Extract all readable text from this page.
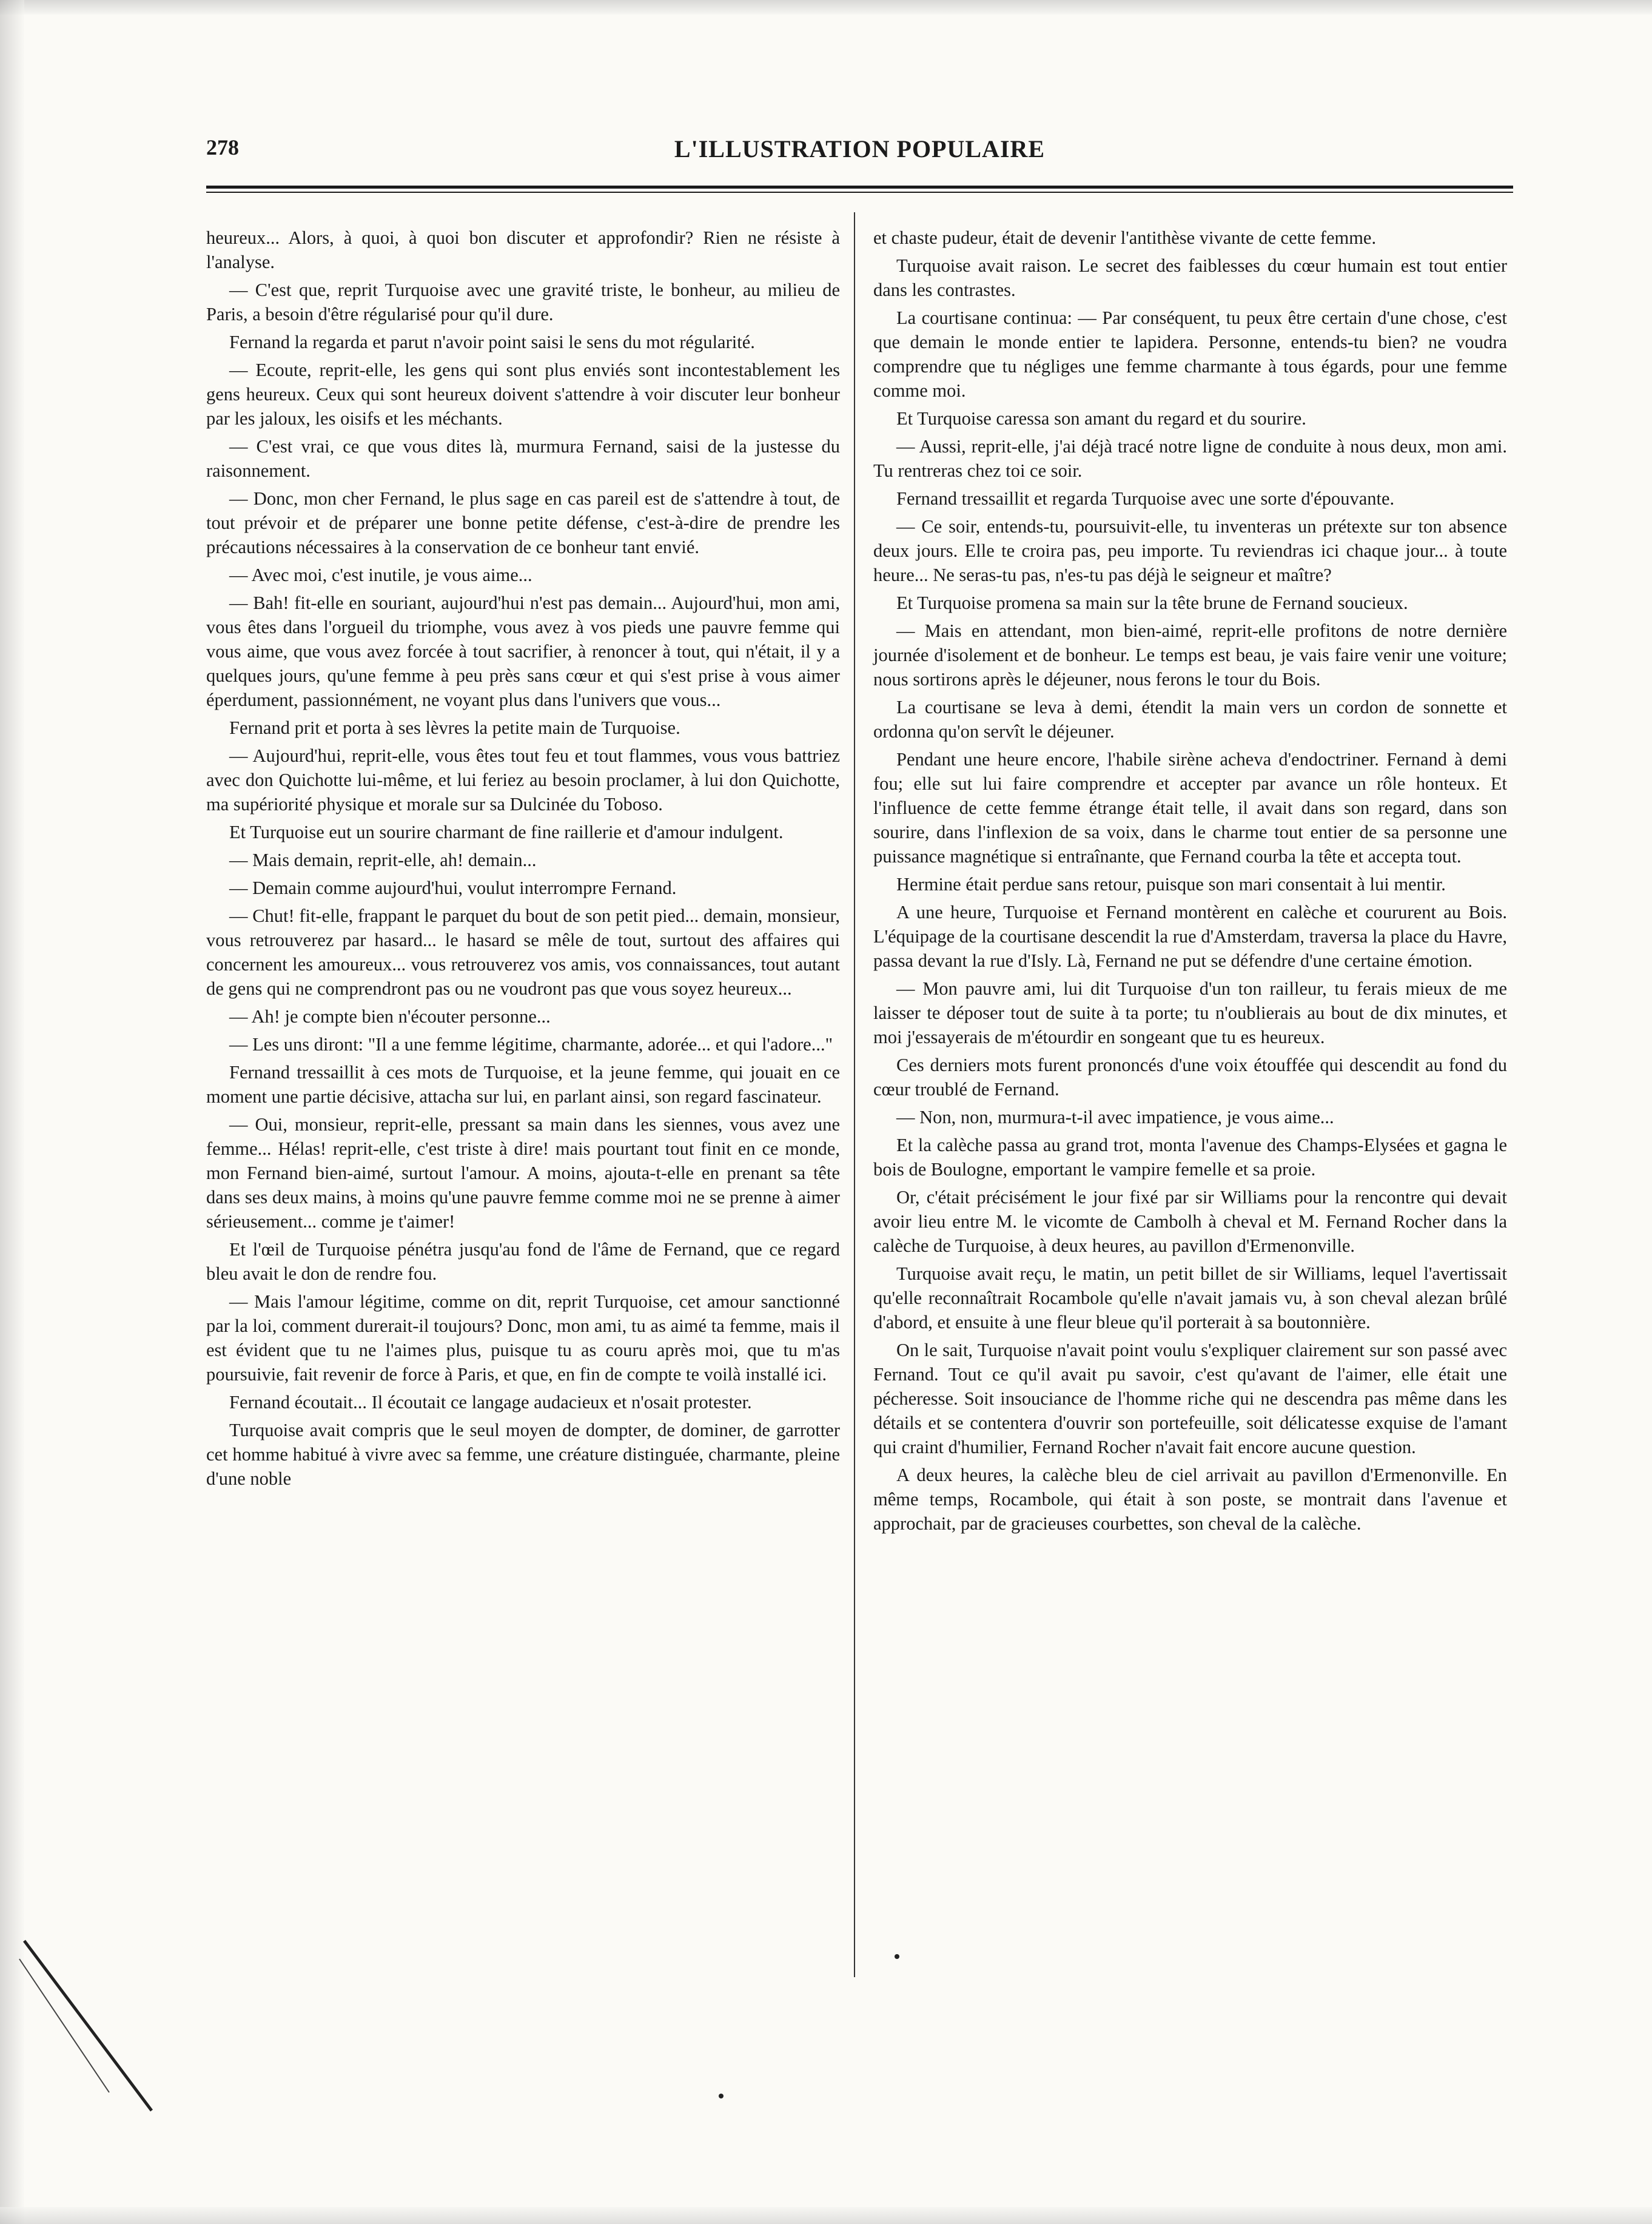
278	L'ILLUSTRATION POPULAIRE

heureux... Alors, à quoi, à quoi bon discuter et approfondir? Rien ne résiste à l'analyse.

— C'est que, reprit Turquoise avec une gravité triste, le bonheur, au milieu de Paris, a besoin d'être régularisé pour qu'il dure.

Fernand la regarda et parut n'avoir point saisi le sens du mot régularité.

— Ecoute, reprit-elle, les gens qui sont plus enviés sont incontestablement les gens heureux. Ceux qui sont heureux doivent s'attendre à voir discuter leur bonheur par les jaloux, les oisifs et les méchants.

— C'est vrai, ce que vous dites là, murmura Fernand, saisi de la justesse du raisonnement.

— Donc, mon cher Fernand, le plus sage en cas pareil est de s'attendre à tout, de tout prévoir et de préparer une bonne petite défense, c'est-à-dire de prendre les précautions nécessaires à la conservation de ce bonheur tant envié.

— Avec moi, c'est inutile, je vous aime...

— Bah! fit-elle en souriant, aujourd'hui n'est pas demain... Aujourd'hui, mon ami, vous êtes dans l'orgueil du triomphe, vous avez à vos pieds une pauvre femme qui vous aime, que vous avez forcée à tout sacrifier, à renoncer à tout, qui n'était, il y a quelques jours, qu'une femme à peu près sans cœur et qui s'est prise à vous aimer éperdument, passionnément, ne voyant plus dans l'univers que vous...

Fernand prit et porta à ses lèvres la petite main de Turquoise.

— Aujourd'hui, reprit-elle, vous êtes tout feu et tout flammes, vous vous battriez avec don Quichotte lui-même, et lui feriez au besoin proclamer, à lui don Quichotte, ma supériorité physique et morale sur sa Dulcinée du Toboso.

Et Turquoise eut un sourire charmant de fine raillerie et d'amour indulgent.

— Mais demain, reprit-elle, ah! demain...

— Demain comme aujourd'hui, voulut interrompre Fernand.

— Chut! fit-elle, frappant le parquet du bout de son petit pied... demain, monsieur, vous retrouverez par hasard... le hasard se mêle de tout, surtout des affaires qui concernent les amoureux... vous retrouverez vos amis, vos connaissances, tout autant de gens qui ne comprendront pas ou ne voudront pas que vous soyez heureux...

— Ah! je compte bien n'écouter personne...

— Les uns diront: "Il a une femme légitime, charmante, adorée... et qui l'adore..."

Fernand tressaillit à ces mots de Turquoise, et la jeune femme, qui jouait en ce moment une partie décisive, attacha sur lui, en parlant ainsi, son regard fascinateur.

— Oui, monsieur, reprit-elle, pressant sa main dans les siennes, vous avez une femme... Hélas! reprit-elle, c'est triste à dire! mais pourtant tout finit en ce monde, mon Fernand bien-aimé, surtout l'amour. A moins, ajouta-t-elle en prenant sa tête dans ses deux mains, à moins qu'une pauvre femme comme moi ne se prenne à aimer sérieusement... comme je t'aimer!

Et l'œil de Turquoise pénétra jusqu'au fond de l'âme de Fernand, que ce regard bleu avait le don de rendre fou.

— Mais l'amour légitime, comme on dit, reprit Turquoise, cet amour sanctionné par la loi, comment durerait-il toujours? Donc, mon ami, tu as aimé ta femme, mais il est évident que tu ne l'aimes plus, puisque tu as couru après moi, que tu m'as poursuivie, fait revenir de force à Paris, et que, en fin de compte te voilà installé ici.

Fernand écoutait... Il écoutait ce langage audacieux et n'osait protester.

Turquoise avait compris que le seul moyen de dompter, de dominer, de garrotter cet homme habitué à vivre avec sa femme, une créature distinguée, charmante, pleine d'une noble

et chaste pudeur, était de devenir l'antithèse vivante de cette femme.

Turquoise avait raison. Le secret des faiblesses du cœur humain est tout entier dans les contrastes.

La courtisane continua: — Par conséquent, tu peux être certain d'une chose, c'est que demain le monde entier te lapidera. Personne, entends-tu bien? ne voudra comprendre que tu négliges une femme charmante à tous égards, pour une femme comme moi.

Et Turquoise caressa son amant du regard et du sourire.

— Aussi, reprit-elle, j'ai déjà tracé notre ligne de conduite à nous deux, mon ami. Tu rentreras chez toi ce soir.

Fernand tressaillit et regarda Turquoise avec une sorte d'épouvante.

— Ce soir, entends-tu, poursuivit-elle, tu inventeras un prétexte sur ton absence deux jours. Elle te croira pas, peu importe. Tu reviendras ici chaque jour... à toute heure... Ne seras-tu pas, n'es-tu pas déjà le seigneur et maître?

Et Turquoise promena sa main sur la tête brune de Fernand soucieux.

— Mais en attendant, mon bien-aimé, reprit-elle profitons de notre dernière journée d'isolement et de bonheur. Le temps est beau, je vais faire venir une voiture; nous sortirons après le déjeuner, nous ferons le tour du Bois.

La courtisane se leva à demi, étendit la main vers un cordon de sonnette et ordonna qu'on servît le déjeuner.

Pendant une heure encore, l'habile sirène acheva d'endoctriner. Fernand à demi fou; elle sut lui faire comprendre et accepter par avance un rôle honteux. Et l'influence de cette femme étrange était telle, il avait dans son regard, dans son sourire, dans l'inflexion de sa voix, dans le charme tout entier de sa personne une puissance magnétique si entraînante, que Fernand courba la tête et accepta tout.

Hermine était perdue sans retour, puisque son mari consentait à lui mentir.

A une heure, Turquoise et Fernand montèrent en calèche et coururent au Bois. L'équipage de la courtisane descendit la rue d'Amsterdam, traversa la place du Havre, passa devant la rue d'Isly. Là, Fernand ne put se défendre d'une certaine émotion.

— Mon pauvre ami, lui dit Turquoise d'un ton railleur, tu ferais mieux de me laisser te déposer tout de suite à ta porte; tu n'oublierais au bout de dix minutes, et moi j'essayerais de m'étourdir en songeant que tu es heureux.

Ces derniers mots furent prononcés d'une voix étouffée qui descendit au fond du cœur troublé de Fernand.

— Non, non, murmura-t-il avec impatience, je vous aime...

Et la calèche passa au grand trot, monta l'avenue des Champs-Elysées et gagna le bois de Boulogne, emportant le vampire femelle et sa proie.

Or, c'était précisément le jour fixé par sir Williams pour la rencontre qui devait avoir lieu entre M. le vicomte de Cambolh à cheval et M. Fernand Rocher dans la calèche de Turquoise, à deux heures, au pavillon d'Ermenonville.

Turquoise avait reçu, le matin, un petit billet de sir Williams, lequel l'avertissait qu'elle reconnaîtrait Rocambole qu'elle n'avait jamais vu, à son cheval alezan brûlé d'abord, et ensuite à une fleur bleue qu'il porterait à sa boutonnière.

On le sait, Turquoise n'avait point voulu s'expliquer clairement sur son passé avec Fernand. Tout ce qu'il avait pu savoir, c'est qu'avant de l'aimer, elle était une pécheresse. Soit insouciance de l'homme riche qui ne descendra pas même dans les détails et se contentera d'ouvrir son portefeuille, soit délicatesse exquise de l'amant qui craint d'humilier, Fernand Rocher n'avait fait encore aucune question.

A deux heures, la calèche bleu de ciel arrivait au pavillon d'Ermenonville. En même temps, Rocambole, qui était à son poste, se montrait dans l'avenue et approchait, par de gracieuses courbettes, son cheval de la calèche.
